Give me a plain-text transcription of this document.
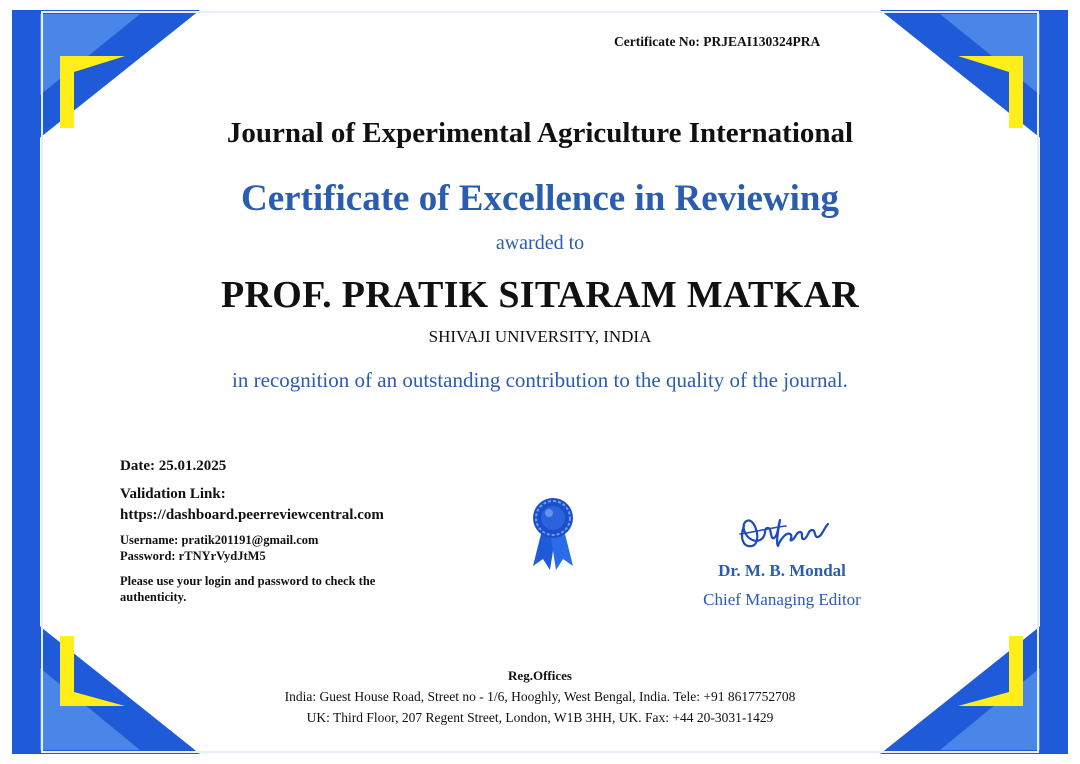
Certificate No: PRJEAI130324PRA
Journal of Experimental Agriculture International
Certificate of Excellence in Reviewing
awarded to
PROF. PRATIK SITARAM MATKAR
SHIVAJI UNIVERSITY, INDIA
in recognition of an outstanding contribution to the quality of the journal.
Date: 25.01.2025
Validation Link:
https://dashboard.peerreviewcentral.com
Username: pratik201191@gmail.com
Password: rTNYrVydJtM5
Please use your login and password to check the authenticity.
Dr. M. B. Mondal
Chief Managing Editor
Reg.Offices
India: Guest House Road, Street no - 1/6, Hooghly, West Bengal, India. Tele: +91 8617752708
UK: Third Floor, 207 Regent Street, London, W1B 3HH, UK. Fax: +44 20-3031-1429
